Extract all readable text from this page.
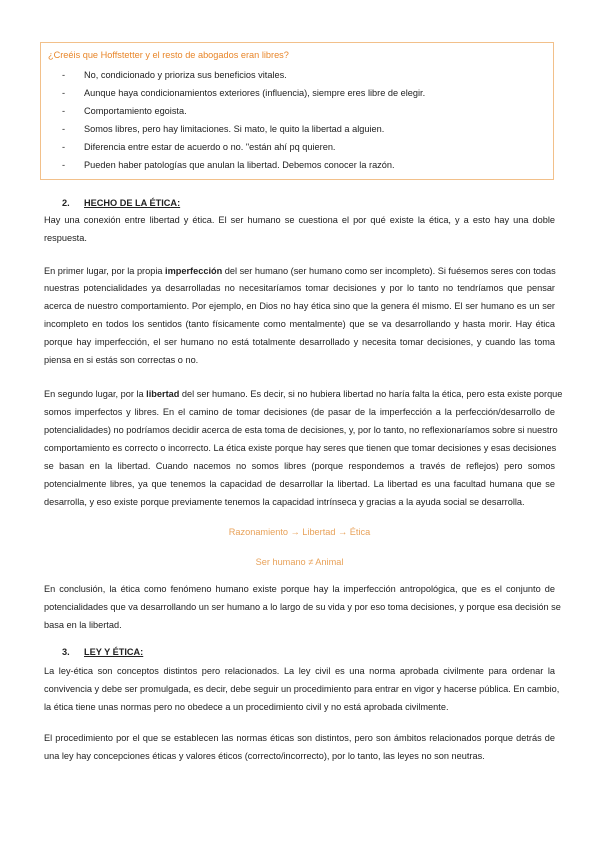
¿Creéis que Hoffstetter y el resto de abogados eran libres?
- No, condicionado y prioriza sus beneficios vitales.
- Aunque haya condicionamientos exteriores (influencia), siempre eres libre de elegir.
- Comportamiento egoista.
- Somos libres, pero hay limitaciones. Si mato, le quito la libertad a alguien.
- Diferencia entre estar de acuerdo o no. "están ahí pq quieren.
- Pueden haber patologías que anulan la libertad. Debemos conocer la razón.
2. HECHO DE LA ÉTICA:
Hay una conexión entre libertad y ética. El ser humano se cuestiona el por qué existe la ética, y a esto hay una doble
respuesta.
En primer lugar, por la propia imperfección del ser humano (ser humano como ser incompleto). Si fuésemos seres con todas
nuestras potencialidades ya desarrolladas no necesitaríamos tomar decisiones y por lo tanto no tendríamos que pensar
acerca de nuestro comportamiento. Por ejemplo, en Dios no hay ética sino que la genera él mismo. El ser humano es un ser
incompleto en todos los sentidos (tanto físicamente como mentalmente) que se va desarrollando y hasta morir. Hay ética
porque hay imperfección, el ser humano no está totalmente desarrollado y necesita tomar decisiones, y cuando las toma
piensa en si estás son correctas o no.
En segundo lugar, por la libertad del ser humano. Es decir, si no hubiera libertad no haría falta la ética, pero esta existe porque
somos imperfectos y libres. En el camino de tomar decisiones (de pasar de la imperfección a la perfección/desarrollo de
potencialidades) no podríamos decidir acerca de esta toma de decisiones, y, por lo tanto, no reflexionaríamos sobre si nuestro
comportamiento es correcto o incorrecto. La ética existe porque hay seres que tienen que tomar decisiones y esas decisiones
se basan en la libertad. Cuando nacemos no somos libres (porque respondemos a través de reflejos) pero somos
potencialmente libres, ya que tenemos la capacidad de desarrollar la libertad. La libertad es una facultad humana que se
desarrolla, y eso existe porque previamente tenemos la capacidad intrínseca y gracias a la ayuda social se desarrolla.
Razonamiento → Libertad → Ética
Ser humano ≠ Animal
En conclusión, la ética como fenómeno humano existe porque hay la imperfección antropológica, que es el conjunto de
potencialidades que va desarrollando un ser humano a lo largo de su vida y por eso toma decisiones, y porque esa decisión se
basa en la libertad.
3. LEY Y ÉTICA:
La ley-ética son conceptos distintos pero relacionados. La ley civil es una norma aprobada civilmente para ordenar la
convivencia y debe ser promulgada, es decir, debe seguir un procedimiento para entrar en vigor y hacerse pública. En cambio,
la ética tiene unas normas pero no obedece a un procedimiento civil y no está aprobada civilmente.
El procedimiento por el que se establecen las normas éticas son distintos, pero son ámbitos relacionados porque detrás de
una ley hay concepciones éticas y valores éticos (correcto/incorrecto), por lo tanto, las leyes no son neutras.
